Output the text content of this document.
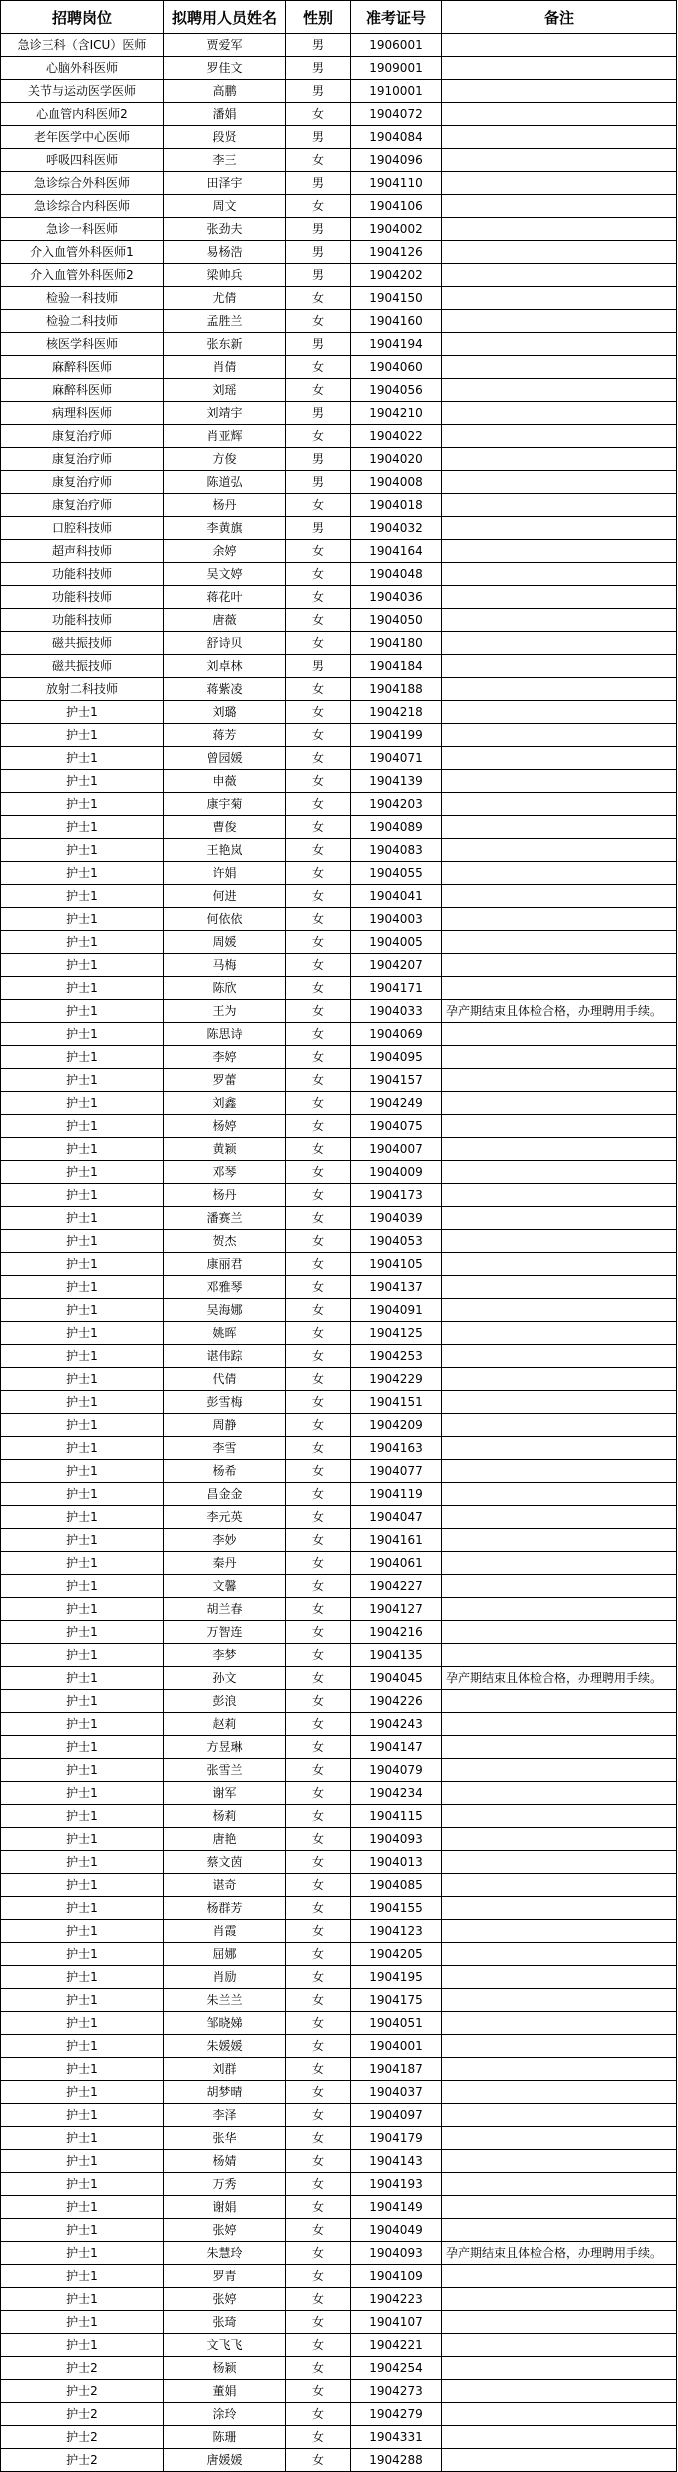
招聘岗位	拟聘用人员姓名	性别	准考证号	备注
急诊三科（含ICU）医师	贾爱军	男	1906001	
心脑外科医师	罗佳文	男	1909001	
关节与运动医学医师	高鹏	男	1910001	
心血管内科医师2	潘娟	女	1904072	
老年医学中心医师	段贤	男	1904084	
呼吸四科医师	李三	女	1904096	
急诊综合外科医师	田泽宇	男	1904110	
急诊综合内科医师	周文	女	1904106	
急诊一科医师	张劲夫	男	1904002	
介入血管外科医师1	易杨浩	男	1904126	
介入血管外科医师2	梁帅兵	男	1904202	
检验一科技师	尤倩	女	1904150	
检验二科技师	孟胜兰	女	1904160	
核医学科医师	张东新	男	1904194	
麻醉科医师	肖倩	女	1904060	
麻醉科医师	刘瑶	女	1904056	
病理科医师	刘靖宇	男	1904210	
康复治疗师	肖亚辉	女	1904022	
康复治疗师	方俊	男	1904020	
康复治疗师	陈道弘	男	1904008	
康复治疗师	杨丹	女	1904018	
口腔科技师	李黄旗	男	1904032	
超声科技师	余婷	女	1904164	
功能科技师	吴文婷	女	1904048	
功能科技师	蒋花叶	女	1904036	
功能科技师	唐薇	女	1904050	
磁共振技师	舒诗贝	女	1904180	
磁共振技师	刘卓林	男	1904184	
放射二科技师	蒋紫凌	女	1904188	
护士1	刘璐	女	1904218	
护士1	蒋芳	女	1904199	
护士1	曾园媛	女	1904071	
护士1	申薇	女	1904139	
护士1	康宇菊	女	1904203	
护士1	曹俊	女	1904089	
护士1	王艳岚	女	1904083	
护士1	许娟	女	1904055	
护士1	何进	女	1904041	
护士1	何依依	女	1904003	
护士1	周媛	女	1904005	
护士1	马梅	女	1904207	
护士1	陈欣	女	1904171	
护士1	王为	女	1904033	孕产期结束且体检合格，办理聘用手续。
护士1	陈思诗	女	1904069	
护士1	李婷	女	1904095	
护士1	罗蕾	女	1904157	
护士1	刘鑫	女	1904249	
护士1	杨婷	女	1904075	
护士1	黄颖	女	1904007	
护士1	邓琴	女	1904009	
护士1	杨丹	女	1904173	
护士1	潘赛兰	女	1904039	
护士1	贺杰	女	1904053	
护士1	康丽君	女	1904105	
护士1	邓雅琴	女	1904137	
护士1	吴海娜	女	1904091	
护士1	姚晖	女	1904125	
护士1	谌伟踪	女	1904253	
护士1	代倩	女	1904229	
护士1	彭雪梅	女	1904151	
护士1	周静	女	1904209	
护士1	李雪	女	1904163	
护士1	杨希	女	1904077	
护士1	昌金金	女	1904119	
护士1	李元英	女	1904047	
护士1	李妙	女	1904161	
护士1	秦丹	女	1904061	
护士1	文馨	女	1904227	
护士1	胡兰春	女	1904127	
护士1	万智连	女	1904216	
护士1	李梦	女	1904135	
护士1	孙文	女	1904045	孕产期结束且体检合格，办理聘用手续。
护士1	彭浪	女	1904226	
护士1	赵莉	女	1904243	
护士1	方昱琳	女	1904147	
护士1	张雪兰	女	1904079	
护士1	谢军	女	1904234	
护士1	杨莉	女	1904115	
护士1	唐艳	女	1904093	
护士1	蔡文茵	女	1904013	
护士1	谌奇	女	1904085	
护士1	杨群芳	女	1904155	
护士1	肖霞	女	1904123	
护士1	屈娜	女	1904205	
护士1	肖励	女	1904195	
护士1	朱兰兰	女	1904175	
护士1	邹晓娣	女	1904051	
护士1	朱媛媛	女	1904001	
护士1	刘群	女	1904187	
护士1	胡梦晴	女	1904037	
护士1	李泽	女	1904097	
护士1	张华	女	1904179	
护士1	杨婧	女	1904143	
护士1	万秀	女	1904193	
护士1	谢娟	女	1904149	
护士1	张婷	女	1904049	
护士1	朱慧玲	女	1904093	孕产期结束且体检合格，办理聘用手续。
护士1	罗青	女	1904109	
护士1	张婷	女	1904223	
护士1	张琦	女	1904107	
护士1	文飞飞	女	1904221	
护士2	杨颖	女	1904254	
护士2	董娟	女	1904273	
护士2	涂玲	女	1904279	
护士2	陈珊	女	1904331	
护士2	唐媛媛	女	1904288	
